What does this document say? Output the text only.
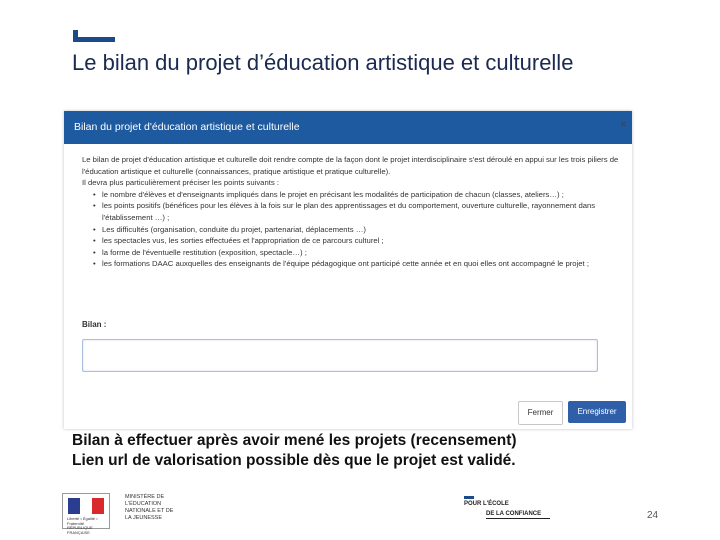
Le bilan du projet d’éducation artistique et culturelle
Bilan du projet d'éducation artistique et culturelle	×

Le bilan de projet d'éducation artistique et culturelle doit rendre compte de la façon dont le projet interdisciplinaire s'est déroulé en appui sur les trois piliers de l'éducation artistique et culturelle (connaissances, pratique artistique et pratique culturelle).

Il devra plus particulièrement préciser les points suivants :

• le nombre d'élèves et d'enseignants impliqués dans le projet en précisant les modalités de participation de chacun (classes, ateliers…) ;
• les points positifs (bénéfices pour les élèves à la fois sur le plan des apprentissages et du comportement, ouverture culturelle, rayonnement dans l'établissement …) ;
• Les difficultés (organisation, conduite du projet, partenariat, déplacements …)
• les spectacles vus, les sorties effectuées et l'appropriation de ce parcours culturel ;
• la forme de l'éventuelle restitution (exposition, spectacle…) ;
• les formations DAAC auxquelles des enseignants de l'équipe pédagogique ont participé cette année et en quoi elles ont accompagné le projet ;
Bilan :
Fermer	Enregistrer
Bilan à effectuer après avoir mené les projets (recensement)
Lien url de valorisation possible dès que le projet est validé.
Liberté • Égalité • Fraternité RÉPUBLIQUE FRANÇAISE
MINISTÈRE DE L'ÉDUCATION NATIONALE ET DE LA JEUNESSE
POUR L'ÉCOLE
DE LA CONFIANCE	24
